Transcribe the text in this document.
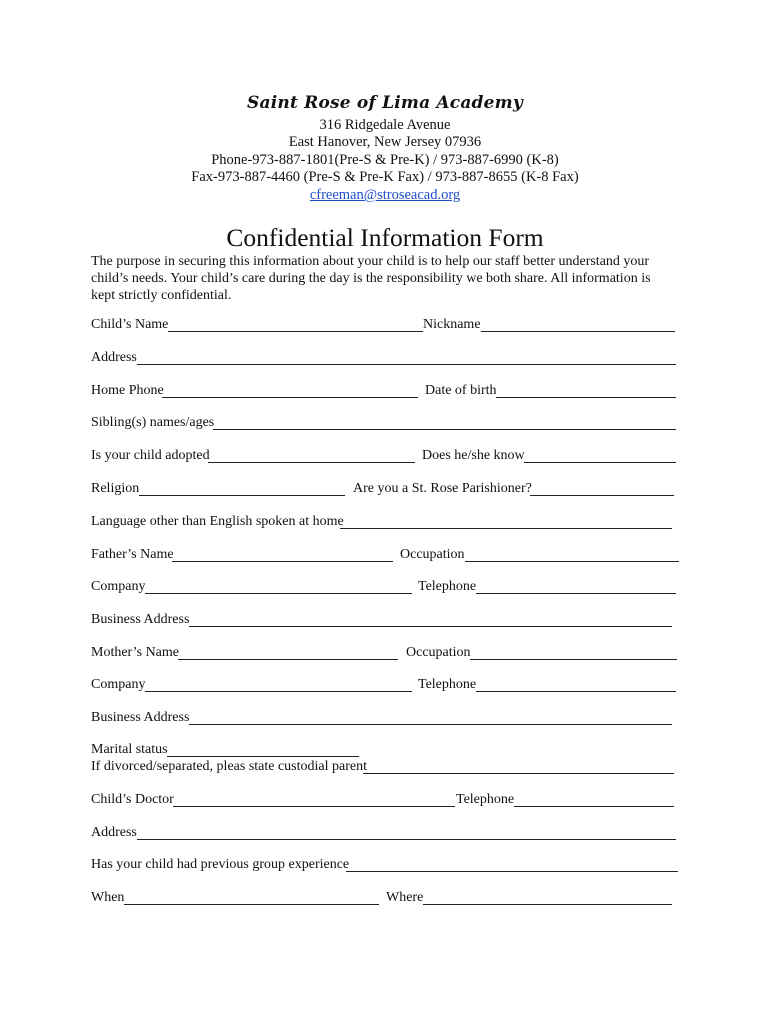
Saint Rose of Lima Academy
316 Ridgedale Avenue
East Hanover, New Jersey 07936
Phone-973-887-1801(Pre-S & Pre-K) / 973-887-6990 (K-8)
Fax-973-887-4460 (Pre-S & Pre-K Fax) / 973-887-8655 (K-8 Fax)
cfreeman@stroseacad.org
Confidential Information Form
The purpose in securing this information about your child is to help our staff better understand your
child’s needs. Your child’s care during the day is the responsibility we both share. All information is
kept strictly confidential.
Child’s Name	Nickname
Address
Home Phone	Date of birth
Sibling(s) names/ages
Is your child adopted	Does he/she know
Religion	Are you a St. Rose Parishioner?
Language other than English spoken at home
Father’s Name	Occupation
Company	Telephone
Business Address
Mother’s Name	Occupation
Company	Telephone
Business Address
Marital status
If divorced/separated, pleas state custodial parent
Child’s Doctor	Telephone
Address
Has your child had previous group experience
When	Where
